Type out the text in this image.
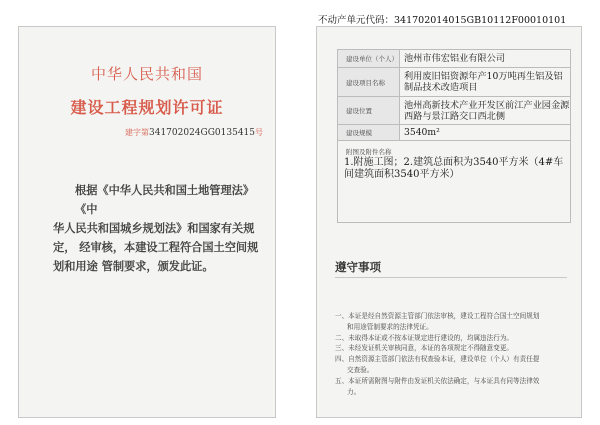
不动产单元代码：341702014015GB10112F00010101
中华人民共和国
建设工程规划许可证
建字第341702024GG0135415号
根据《中华人民共和国土地管理法》《中
华人民共和国城乡规划法》和国家有关规定， 经审核，本建设工程符合国土空间规划和用途 管制要求，颁发此证。
建设单位（个人）	池州市伟宏铝业有限公司
建设项目名称	利用废旧铝资源年产10万吨再生铝及铝制品技术改造项目
建设位置	池州高新技术产业开发区前江产业园金源西路与景江路交口西北侧
建设规模	3540m²
附图及附件名称
1.附施工图；2.建筑总面积为3540平方米（4#车间建筑面积3540平方米）
遵守事项
一、本证是经自然资源主管部门依法审核，建设工程符合国土空间规划
和用途管制要求的法律凭证。
二、未取得本证或不按本证规定进行建设的，均属违法行为。
三、未经发证机关审核同意，本证的各项规定不得随意变更。
四、自然资源主管部门依法有权查验本证，建设单位（个人）有责任提
交查验。
五、本证所需附图与附件由发证机关依法确定，与本证具有同等法律效
力。
